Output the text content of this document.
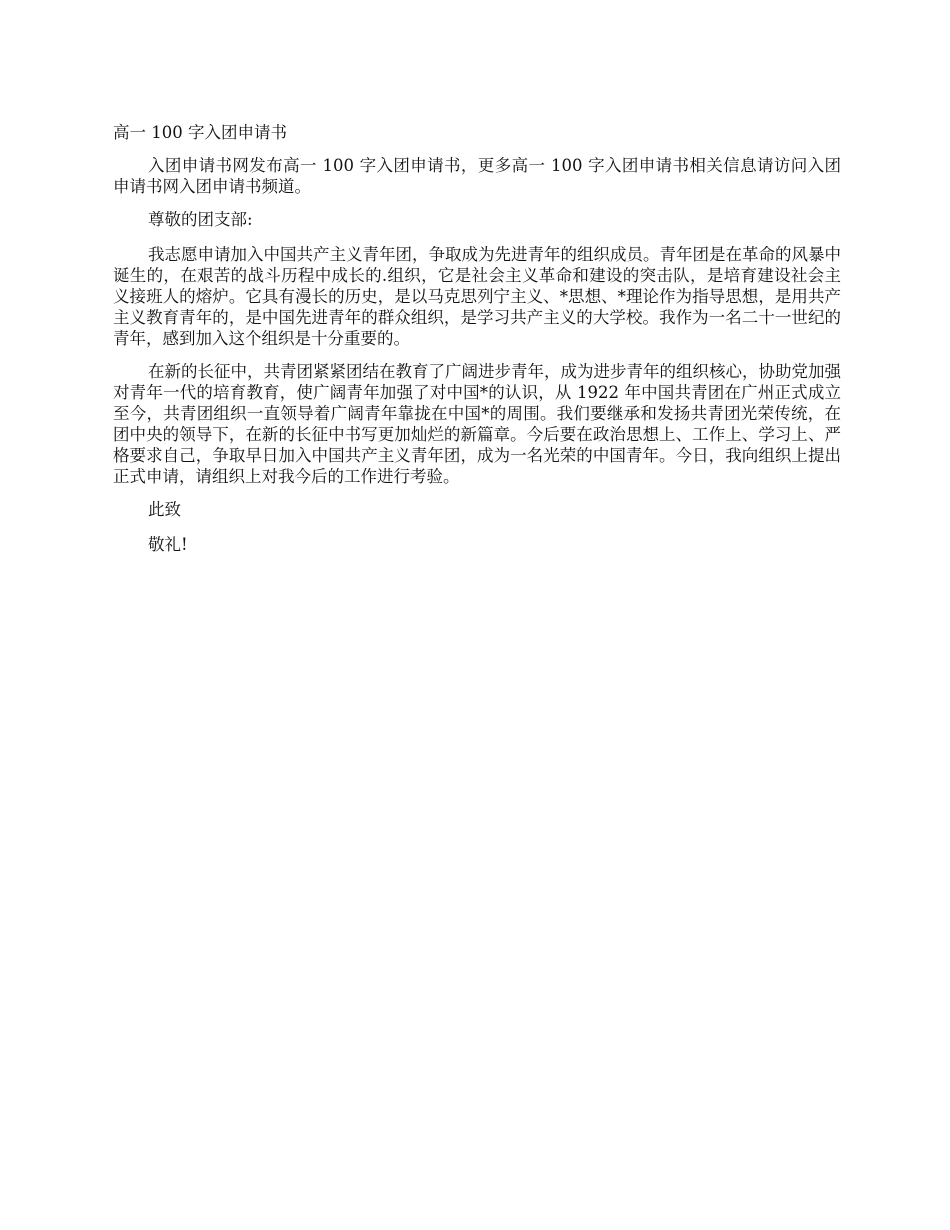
高一 100 字入团申请书

入团申请书网发布高一 100 字入团申请书，更多高一 100 字入团申请书相关信息请访问入团申请书网入团申请书频道。

尊敬的团支部:

我志愿申请加入中国共产主义青年团，争取成为先进青年的组织成员。青年团是在革命的风暴中诞生的，在艰苦的战斗历程中成长的.组织，它是社会主义革命和建设的突击队，是培育建设社会主义接班人的熔炉。它具有漫长的历史，是以马克思列宁主义、*思想、*理论作为指导思想，是用共产主义教育青年的，是中国先进青年的群众组织，是学习共产主义的大学校。我作为一名二十一世纪的青年，感到加入这个组织是十分重要的。

在新的长征中，共青团紧紧团结在教育了广阔进步青年，成为进步青年的组织核心，协助党加强对青年一代的培育教育，使广阔青年加强了对中国*的认识，从 1922 年中国共青团在广州正式成立至今，共青团组织一直领导着广阔青年靠拢在中国*的周围。我们要继承和发扬共青团光荣传统，在团中央的领导下，在新的长征中书写更加灿烂的新篇章。今后要在政治思想上、工作上、学习上、严格要求自己，争取早日加入中国共产主义青年团，成为一名光荣的中国青年。今日，我向组织上提出正式申请，请组织上对我今后的工作进行考验。

此致

敬礼!
